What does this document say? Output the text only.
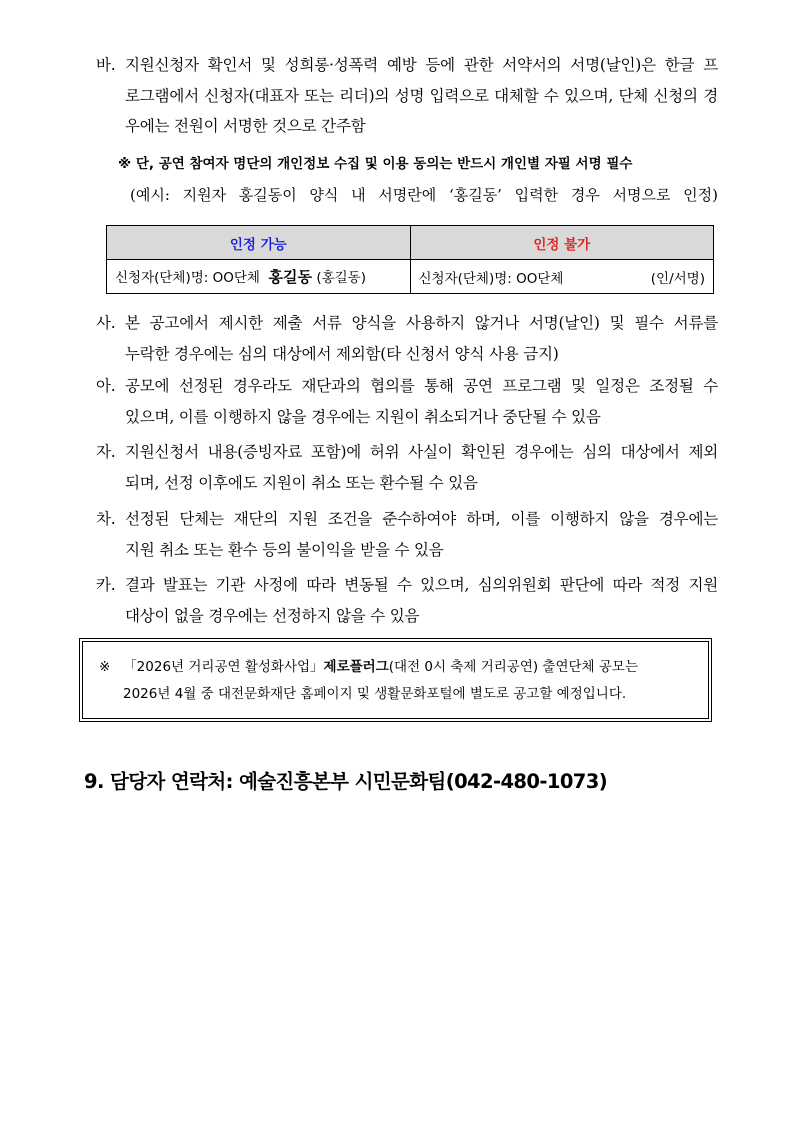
바. 지원신청자 확인서 및 성희롱·성폭력 예방 등에 관한 서약서의 서명(날인)은 한글 프
로그램에서 신청자(대표자 또는 리더)의 성명 입력으로 대체할 수 있으며, 단체 신청의 경
우에는 전원이 서명한 것으로 간주함
※ 단, 공연 참여자 명단의 개인정보 수집 및 이용 동의는 반드시 개인별 자필 서명 필수
(예시: 지원자 홍길동이 양식 내 서명란에 ‘홍길동’ 입력한 경우 서명으로 인정)
인정 가능	인정 불가
신청자(단체)명: OO단체 홍길동 (홍길동)	신청자(단체)명: OO단체 (인/서명)
사. 본 공고에서 제시한 제출 서류 양식을 사용하지 않거나 서명(날인) 및 필수 서류를
누락한 경우에는 심의 대상에서 제외함(타 신청서 양식 사용 금지)
아. 공모에 선정된 경우라도 재단과의 협의를 통해 공연 프로그램 및 일정은 조정될 수
있으며, 이를 이행하지 않을 경우에는 지원이 취소되거나 중단될 수 있음
자. 지원신청서 내용(증빙자료 포함)에 허위 사실이 확인된 경우에는 심의 대상에서 제외
되며, 선정 이후에도 지원이 취소 또는 환수될 수 있음
차. 선정된 단체는 재단의 지원 조건을 준수하여야 하며, 이를 이행하지 않을 경우에는
지원 취소 또는 환수 등의 불이익을 받을 수 있음
카. 결과 발표는 기관 사정에 따라 변동될 수 있으며, 심의위원회 판단에 따라 적정 지원
대상이 없을 경우에는 선정하지 않을 수 있음
※ 「2026년 거리공연 활성화사업」제로플러그(대전 0시 축제 거리공연) 출연단체 공모는
2026년 4월 중 대전문화재단 홈페이지 및 생활문화포털에 별도로 공고할 예정입니다.
9. 담당자 연락처: 예술진흥본부 시민문화팀(042-480-1073)
